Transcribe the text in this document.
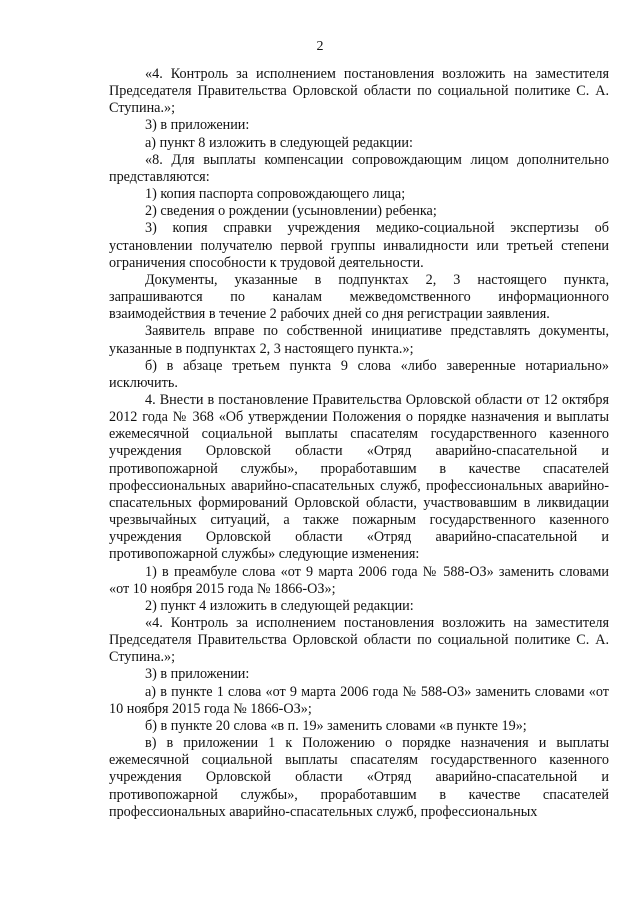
2

«4. Контроль за исполнением постановления возложить на заместителя Председателя Правительства Орловской области по социальной политике С. А. Ступина.»;

3) в приложении:

а) пункт 8 изложить в следующей редакции:

«8. Для выплаты компенсации сопровождающим лицом дополнительно представляются:

1) копия паспорта сопровождающего лица;

2) сведения о рождении (усыновлении) ребенка;

3) копия справки учреждения медико-социальной экспертизы об установлении получателю первой группы инвалидности или третьей степени ограничения способности к трудовой деятельности.

Документы, указанные в подпунктах 2, 3 настоящего пункта, запрашиваются по каналам межведомственного информационного взаимодействия в течение 2 рабочих дней со дня регистрации заявления.

Заявитель вправе по собственной инициативе представлять документы, указанные в подпунктах 2, 3 настоящего пункта.»;

б) в абзаце третьем пункта 9 слова «либо заверенные нотариально» исключить.

4. Внести в постановление Правительства Орловской области от 12 октября 2012 года № 368 «Об утверждении Положения о порядке назначения и выплаты ежемесячной социальной выплаты спасателям государственного казенного учреждения Орловской области «Отряд аварийно-спасательной и противопожарной службы», проработавшим в качестве спасателей профессиональных аварийно-спасательных служб, профессиональных аварийно-спасательных формирований Орловской области, участвовавшим в ликвидации чрезвычайных ситуаций, а также пожарным государственного казенного учреждения Орловской области «Отряд аварийно-спасательной и противопожарной службы» следующие изменения:

1) в преамбуле слова «от 9 марта 2006 года № 588-ОЗ» заменить словами «от 10 ноября 2015 года № 1866-ОЗ»;

2) пункт 4 изложить в следующей редакции:

«4. Контроль за исполнением постановления возложить на заместителя Председателя Правительства Орловской области по социальной политике С. А. Ступина.»;

3) в приложении:

а) в пункте 1 слова «от 9 марта 2006 года № 588-ОЗ» заменить словами «от 10 ноября 2015 года № 1866-ОЗ»;

б) в пункте 20 слова «в п. 19» заменить словами «в пункте 19»;

в) в приложении 1 к Положению о порядке назначения и выплаты ежемесячной социальной выплаты спасателям государственного казенного учреждения Орловской области «Отряд аварийно-спасательной и противопожарной службы», проработавшим в качестве спасателей профессиональных аварийно-спасательных служб, профессиональных
